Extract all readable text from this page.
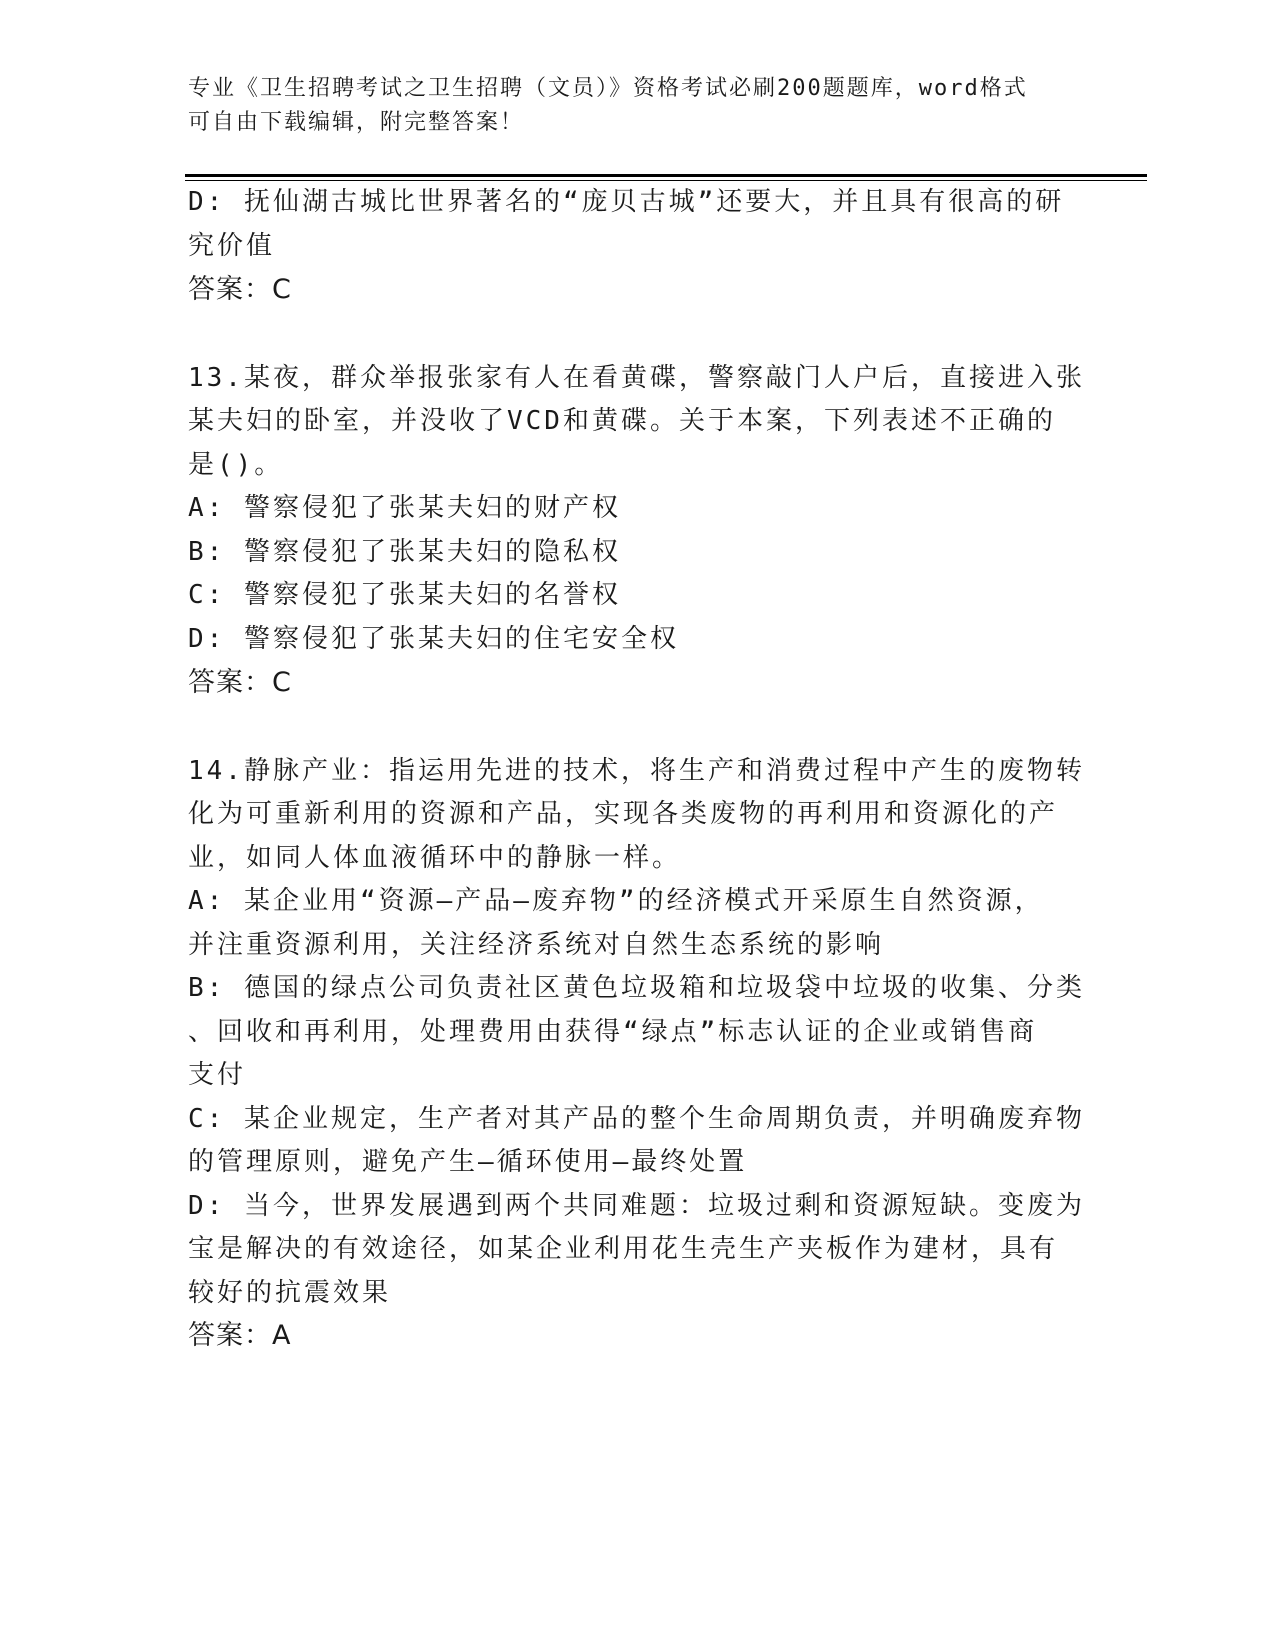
专业《卫生招聘考试之卫生招聘（文员）》资格考试必刷200题题库，word格式

可自由下载编辑，附完整答案！

D: 抚仙湖古城比世界著名的“庞贝古城”还要大，并且具有很高的研

究价值

答案：C

13.某夜，群众举报张家有人在看黄碟，警察敲门人户后，直接进入张

某夫妇的卧室，并没收了VCD和黄碟。关于本案，下列表述不正确的

是()。

A: 警察侵犯了张某夫妇的财产权

B: 警察侵犯了张某夫妇的隐私权

C: 警察侵犯了张某夫妇的名誉权

D: 警察侵犯了张某夫妇的住宅安全权

答案：C

14.静脉产业：指运用先进的技术，将生产和消费过程中产生的废物转

化为可重新利用的资源和产品，实现各类废物的再利用和资源化的产

业，如同人体血液循环中的静脉一样。

A: 某企业用“资源—产品—废弃物”的经济模式开采原生自然资源，

并注重资源利用，关注经济系统对自然生态系统的影响

B: 德国的绿点公司负责社区黄色垃圾箱和垃圾袋中垃圾的收集、分类

、回收和再利用，处理费用由获得“绿点”标志认证的企业或销售商

支付

C: 某企业规定，生产者对其产品的整个生命周期负责，并明确废弃物

的管理原则，避免产生—循环使用—最终处置

D: 当今，世界发展遇到两个共同难题：垃圾过剩和资源短缺。变废为

宝是解决的有效途径，如某企业利用花生壳生产夹板作为建材，具有

较好的抗震效果

答案：A
